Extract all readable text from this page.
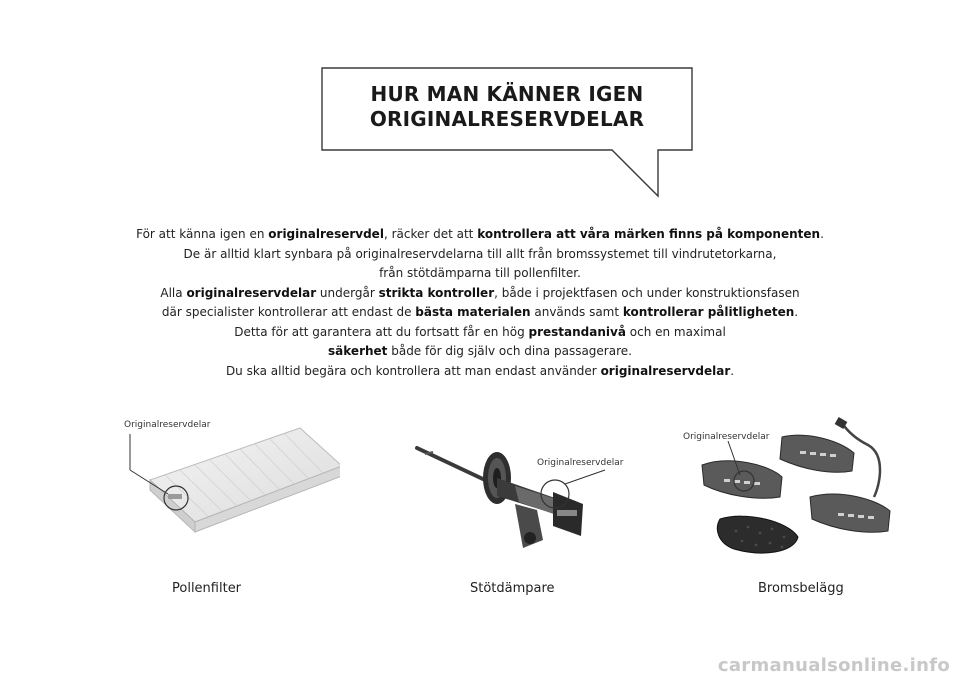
HUR MAN KÄNNER IGEN
ORIGINALRESERVDELAR

För att känna igen en originalreservdel, räcker det att kontrollera att våra märken finns på komponenten.

De är alltid klart synbara på originalreservdelarna till allt från bromssystemet till vindrutetorkarna,

från stötdämparna till pollenfilter.

Alla originalreservdelar undergår strikta kontroller, både i projektfasen och under konstruktionsfasen

där specialister kontrollerar att endast de bästa materialen används samt kontrollerar pålitligheten.

Detta för att garantera att du fortsatt får en hög prestandanivå och en maximal

säkerhet både för dig själv och dina passagerare.

Du ska alltid begära och kontrollera att man endast använder originalreservdelar.

Originalreservdelar
Pollenfilter
Originalreservdelar
Stötdämpare
Originalreservdelar
Bromsbelägg
carmanualsonline.info
